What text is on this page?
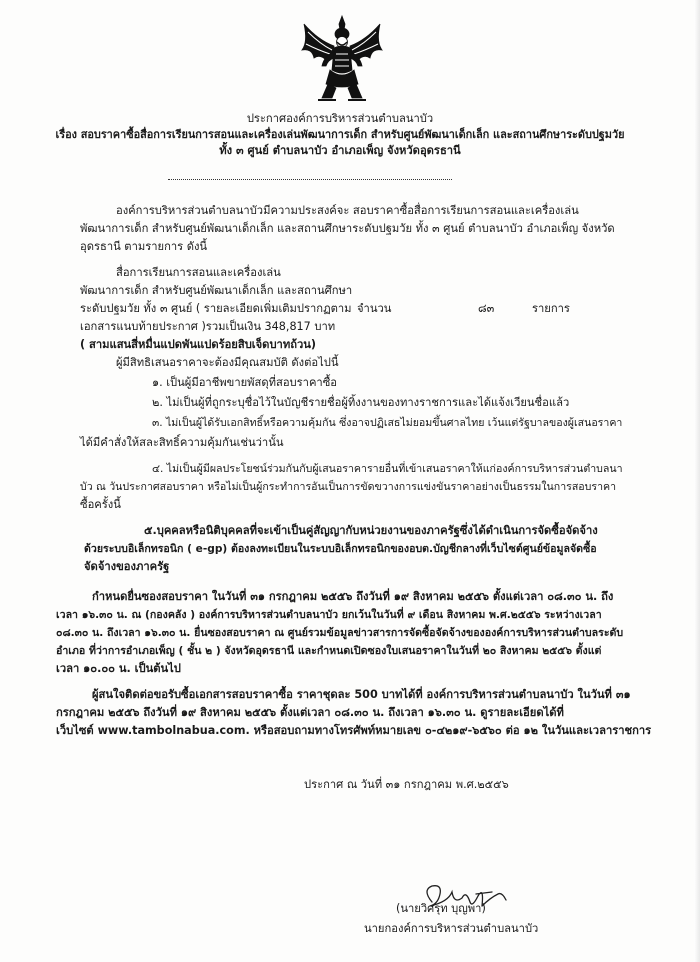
ประกาศองค์การบริหารส่วนตำบลนาบัว
เรื่อง สอบราคาซื้อสื่อการเรียนการสอนและเครื่องเล่นพัฒนาการเด็ก สำหรับศูนย์พัฒนาเด็กเล็ก และสถานศึกษาระดับปฐมวัย
ทั้ง ๓ ศูนย์ ตำบลนาบัว อำเภอเพ็ญ จังหวัดอุดรธานี
องค์การบริหารส่วนตำบลนาบัวมีความประสงค์จะ สอบราคาซื้อสื่อการเรียนการสอนและเครื่องเล่น
พัฒนาการเด็ก สำหรับศูนย์พัฒนาเด็กเล็ก และสถานศึกษาระดับปฐมวัย ทั้ง ๓ ศูนย์ ตำบลนาบัว อำเภอเพ็ญ จังหวัด
อุดรธานี ตามรายการ ดังนี้
สื่อการเรียนการสอนและเครื่องเล่น
พัฒนาการเด็ก สำหรับศูนย์พัฒนาเด็กเล็ก และสถานศึกษา
ระดับปฐมวัย ทั้ง ๓ ศูนย์ ( รายละเอียดเพิ่มเติมปรากฏตาม จำนวน	๘๓	รายการ
เอกสารแนบท้ายประกาศ )รวมเป็นเงิน 348,817 บาท
( สามแสนสี่หมื่นแปดพันแปดร้อยสิบเจ็ดบาทถ้วน)
ผู้มีสิทธิเสนอราคาจะต้องมีคุณสมบัติ ดังต่อไปนี้
๑. เป็นผู้มีอาชีพขายพัสดุที่สอบราคาซื้อ
๒. ไม่เป็นผู้ที่ถูกระบุชื่อไว้ในบัญชีรายชื่อผู้ทิ้งงานของทางราชการและได้แจ้งเวียนชื่อแล้ว
๓. ไม่เป็นผู้ได้รับเอกสิทธิ์หรือความคุ้มกัน ซึ่งอาจปฏิเสธไม่ยอมขึ้นศาลไทย เว้นแต่รัฐบาลของผู้เสนอราคา
ได้มีคำสั่งให้สละสิทธิ์ความคุ้มกันเช่นว่านั้น
๔. ไม่เป็นผู้มีผลประโยชน์ร่วมกันกับผู้เสนอราคารายอื่นที่เข้าเสนอราคาให้แก่องค์การบริหารส่วนตำบลนา
บัว ณ วันประกาศสอบราคา หรือไม่เป็นผู้กระทำการอันเป็นการขัดขวางการแข่งขันราคาอย่างเป็นธรรมในการสอบราคา
ซื้อครั้งนี้
๕.บุคคลหรือนิติบุคคลที่จะเข้าเป็นคู่สัญญากับหน่วยงานของภาครัฐซึ่งได้ดำเนินการจัดซื้อจัดจ้าง
ด้วยระบบอิเล็กทรอนิก ( e-gp) ต้องลงทะเบียนในระบบอิเล็กทรอนิกของอบต.บัญชีกลางที่เว็บไซต์ศูนย์ข้อมูลจัดซื้อ
จัดจ้างของภาครัฐ
กำหนดยื่นซองสอบราคา ในวันที่ ๓๑ กรกฎาคม ๒๕๕๖ ถึงวันที่ ๑๙ สิงหาคม ๒๕๕๖ ตั้งแต่เวลา ๐๘.๓๐ น. ถึง
เวลา ๑๖.๓๐ น. ณ (กองคลัง ) องค์การบริหารส่วนตำบลนาบัว ยกเว้นในวันที่ ๙ เดือน สิงหาคม พ.ศ.๒๕๕๖ ระหว่างเวลา
๐๘.๓๐ น. ถึงเวลา ๑๖.๓๐ น. ยื่นซองสอบราคา ณ ศูนย์รวมข้อมูลข่าวสารการจัดซื้อจัดจ้างขององค์การบริหารส่วนตำบลระดับ
อำเภอ ที่ว่าการอำเภอเพ็ญ ( ชั้น ๒ ) จังหวัดอุดรธานี และกำหนดเปิดซองใบเสนอราคาในวันที่ ๒๐ สิงหาคม ๒๕๕๖ ตั้งแต่
เวลา ๑๐.๐๐ น. เป็นต้นไป
ผู้สนใจติดต่อขอรับซื้อเอกสารสอบราคาซื้อ ราคาชุดละ 500 บาทได้ที่ องค์การบริหารส่วนตำบลนาบัว ในวันที่ ๓๑
กรกฎาคม ๒๕๕๖ ถึงวันที่ ๑๙ สิงหาคม ๒๕๕๖ ตั้งแต่เวลา ๐๘.๓๐ น. ถึงเวลา ๑๖.๓๐ น. ดูรายละเอียดได้ที่
เว็บไซต์ www.tambolnabua.com. หรือสอบถามทางโทรศัพท์หมายเลข ๐-๔๒๑๙-๖๕๖๐ ต่อ ๑๒ ในวันและเวลาราชการ
ประกาศ ณ วันที่ ๓๑ กรกฎาคม พ.ศ.๒๕๕๖
(นายวิศรุท บุญพา)
นายกองค์การบริหารส่วนตำบลนาบัว
